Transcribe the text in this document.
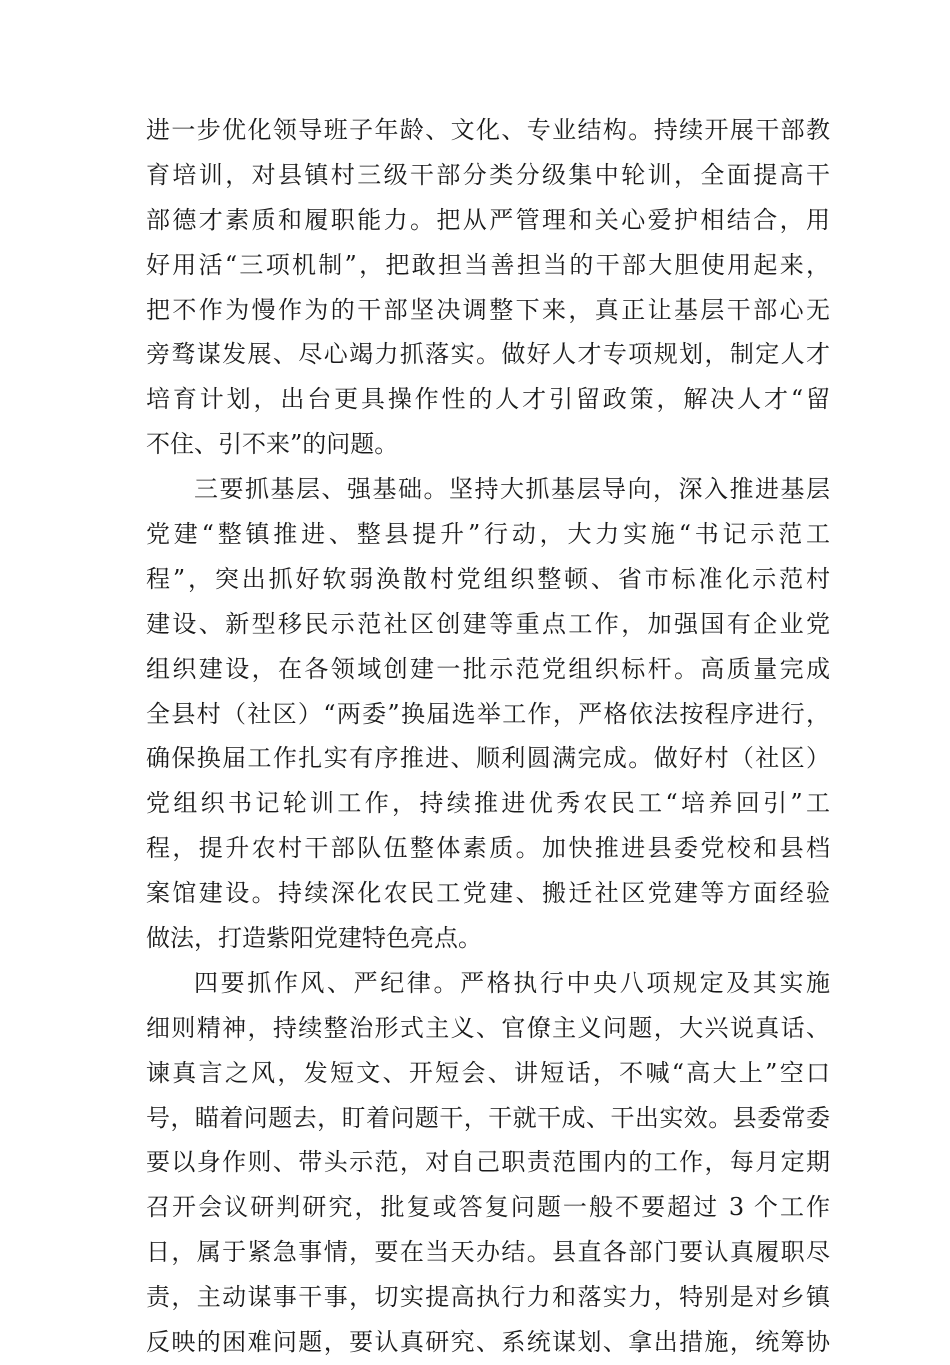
进一步优化领导班子年龄、文化、专业结构。持续开展干部教
育培训，对县镇村三级干部分类分级集中轮训，全面提高干
部德才素质和履职能力。把从严管理和关心爱护相结合，用
好用活“三项机制”，把敢担当善担当的干部大胆使用起来，
把不作为慢作为的干部坚决调整下来，真正让基层干部心无
旁骛谋发展、尽心竭力抓落实。做好人才专项规划，制定人才
培育计划，出台更具操作性的人才引留政策，解决人才“留
不住、引不来”的问题。
三要抓基层、强基础。坚持大抓基层导向，深入推进基层
党建“整镇推进、整县提升”行动，大力实施“书记示范工
程”，突出抓好软弱涣散村党组织整顿、省市标准化示范村
建设、新型移民示范社区创建等重点工作，加强国有企业党
组织建设，在各领域创建一批示范党组织标杆。高质量完成
全县村（社区）“两委”换届选举工作，严格依法按程序进行，
确保换届工作扎实有序推进、顺利圆满完成。做好村（社区）
党组织书记轮训工作，持续推进优秀农民工“培养回引”工
程，提升农村干部队伍整体素质。加快推进县委党校和县档
案馆建设。持续深化农民工党建、搬迁社区党建等方面经验
做法，打造紫阳党建特色亮点。
四要抓作风、严纪律。严格执行中央八项规定及其实施
细则精神，持续整治形式主义、官僚主义问题，大兴说真话、
谏真言之风，发短文、开短会、讲短话，不喊“高大上”空口
号，瞄着问题去，盯着问题干，干就干成、干出实效。县委常委
要以身作则、带头示范，对自己职责范围内的工作，每月定期
召开会议研判研究，批复或答复问题一般不要超过 3 个工作
日，属于紧急事情，要在当天办结。县直各部门要认真履职尽
责，主动谋事干事，切实提高执行力和落实力，特别是对乡镇
反映的困难问题，要认真研究、系统谋划、拿出措施，统筹协
